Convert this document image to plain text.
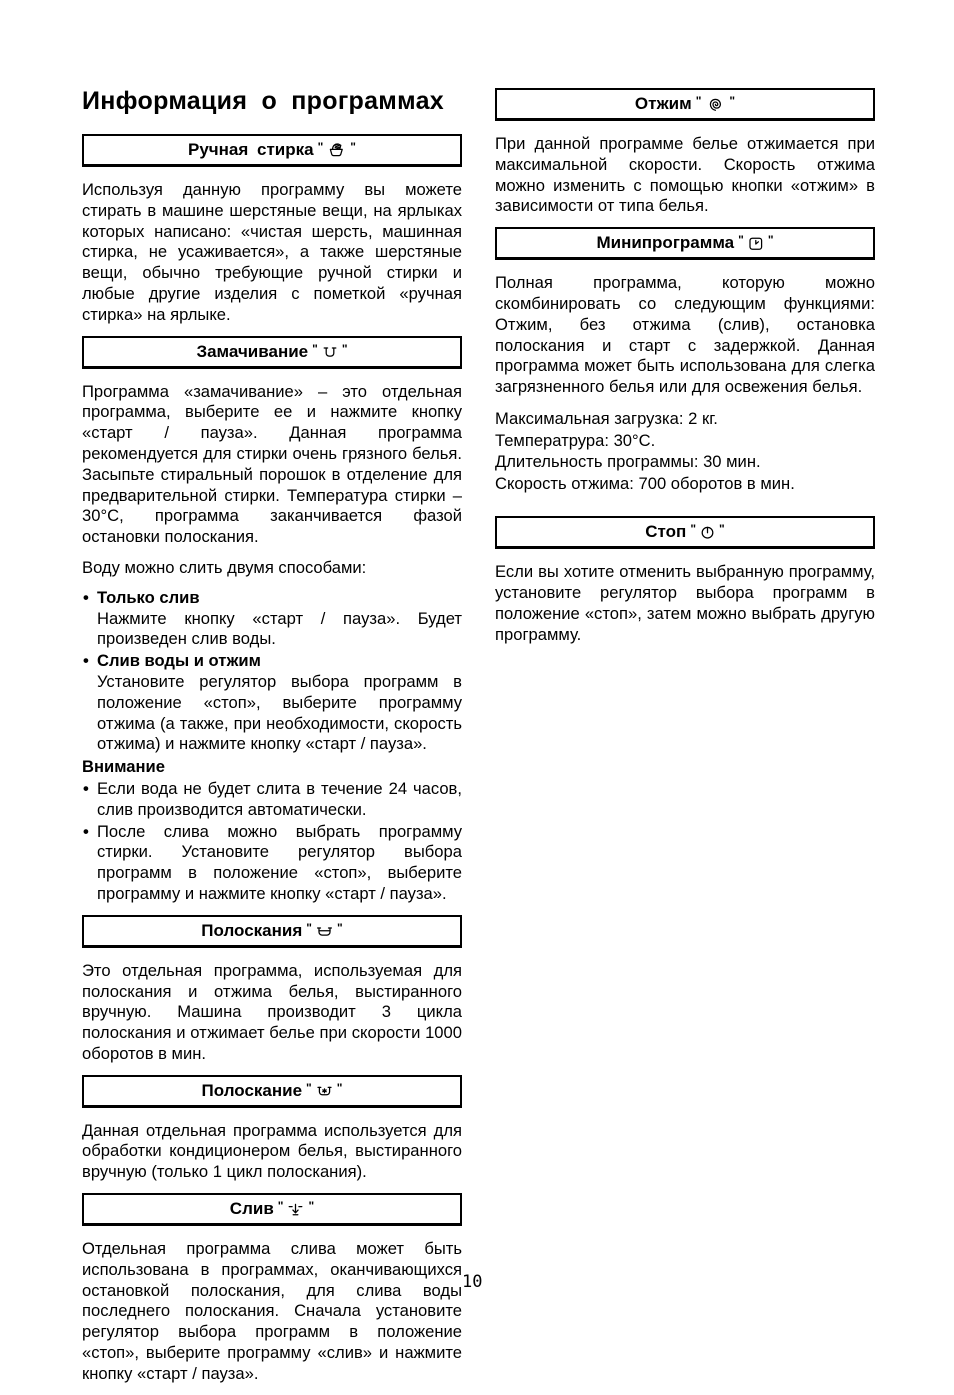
Информация о программах
Ручная стирка " "

Используя данную программу вы можете стирать в машине шерстяные вещи, на ярлыках которых написано: «чистая шерсть, машинная стирка, не усаживается», а также шерстяные вещи, обычно требующие ручной стирки и любые другие изделия с пометкой «ручная стирка» на ярлыке.

Замачивание " "

Программа «замачивание» – это отдельная программа, выберите ее и нажмите кнопку «старт / пауза». Данная программа рекомендуется для стирки очень грязного белья. Засыпьте стиральный порошок в отделение для предварительной стирки. Температура стирки – 30°С, программа заканчивается фазой остановки полоскания.

Воду можно слить двумя способами:

• Только слив
Нажмите кнопку «старт / пауза». Будет произведен слив воды.
• Слив воды и отжим
Установите регулятор выбора программ в положение «стоп», выберите программу отжима (а также, при необходимости, скорость отжима) и нажмите кнопку «старт / пауза».

Внимание

• Если вода не будет слита в течение 24 часов, слив производится автоматически.
• После слива можно выбрать программу стирки. Установите регулятор выбора программ в положение «стоп», выберите программу и нажмите кнопку «старт / пауза».
Полоскания " "

Это отдельная программа, используемая для полоскания и отжима белья, выстиранного вручную. Машина производит 3 цикла полоскания и отжимает белье при скорости 1000 оборотов в мин.

Полоскание " "

Данная отдельная программа используется для обработки кондиционером белья, выстиранного вручную (только 1 цикл полоскания).

Слив " "

Отдельная программа слива может быть использована в программах, оканчивающихся остановкой полоскания, для слива воды последнего полоскания. Сначала установите регулятор выбора программ в положение «стоп», выберите программу «слив» и нажмите кнопку «старт / пауза».

Отжим " "

При данной программе белье отжимается при максимальной скорости. Скорость отжима можно изменить с помощью кнопки «отжим» в зависимости от типа белья.

Минипрограмма " "

Полная программа, которую можно скомбинировать со следующим функциями: Отжим, без отжима (слив), остановка полоскания и старт с задержкой. Данная программа может быть использована для слегка загрязненного белья или для освежения белья.

Максимальная загрузка: 2 кг.

Температрура: 30°С.

Длительность программы: 30 мин.

Скорость отжима: 700 оборотов в мин.

Стоп " "

Если вы хотите отменить выбранную программу, установите регулятор выбора программ в положение «стоп», затем можно выбрать другую программу.

10
